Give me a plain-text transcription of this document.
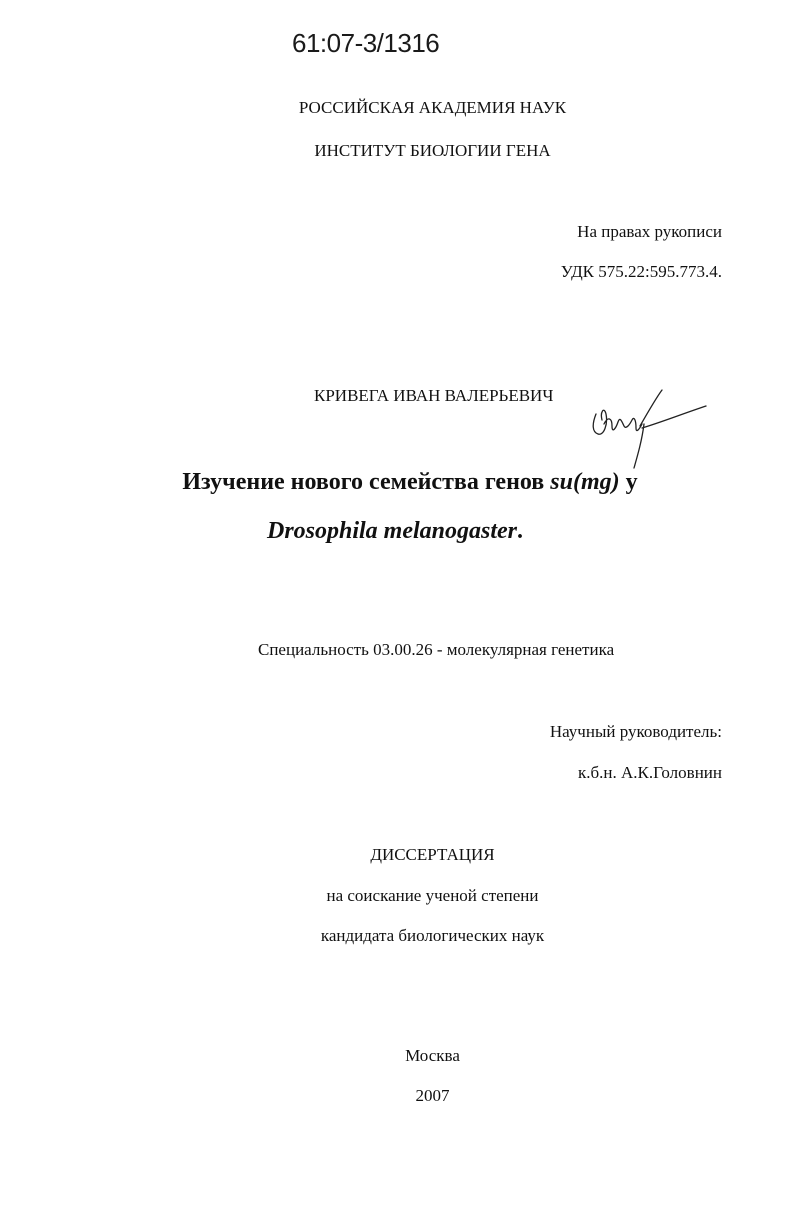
61:07-3/1316
РОССИЙСКАЯ АКАДЕМИЯ НАУК
ИНСТИТУТ БИОЛОГИИ ГЕНА
На правах рукописи
УДК 575.22:595.773.4.
КРИВЕГА ИВАН ВАЛЕРЬЕВИЧ
Изучение нового семейства генов su(mg) у
Drosophila melanogaster.
Специальность 03.00.26 - молекулярная генетика
Научный руководитель:
к.б.н. А.К.Головнин
ДИССЕРТАЦИЯ
на соискание ученой степени
кандидата биологических наук
Москва
2007
